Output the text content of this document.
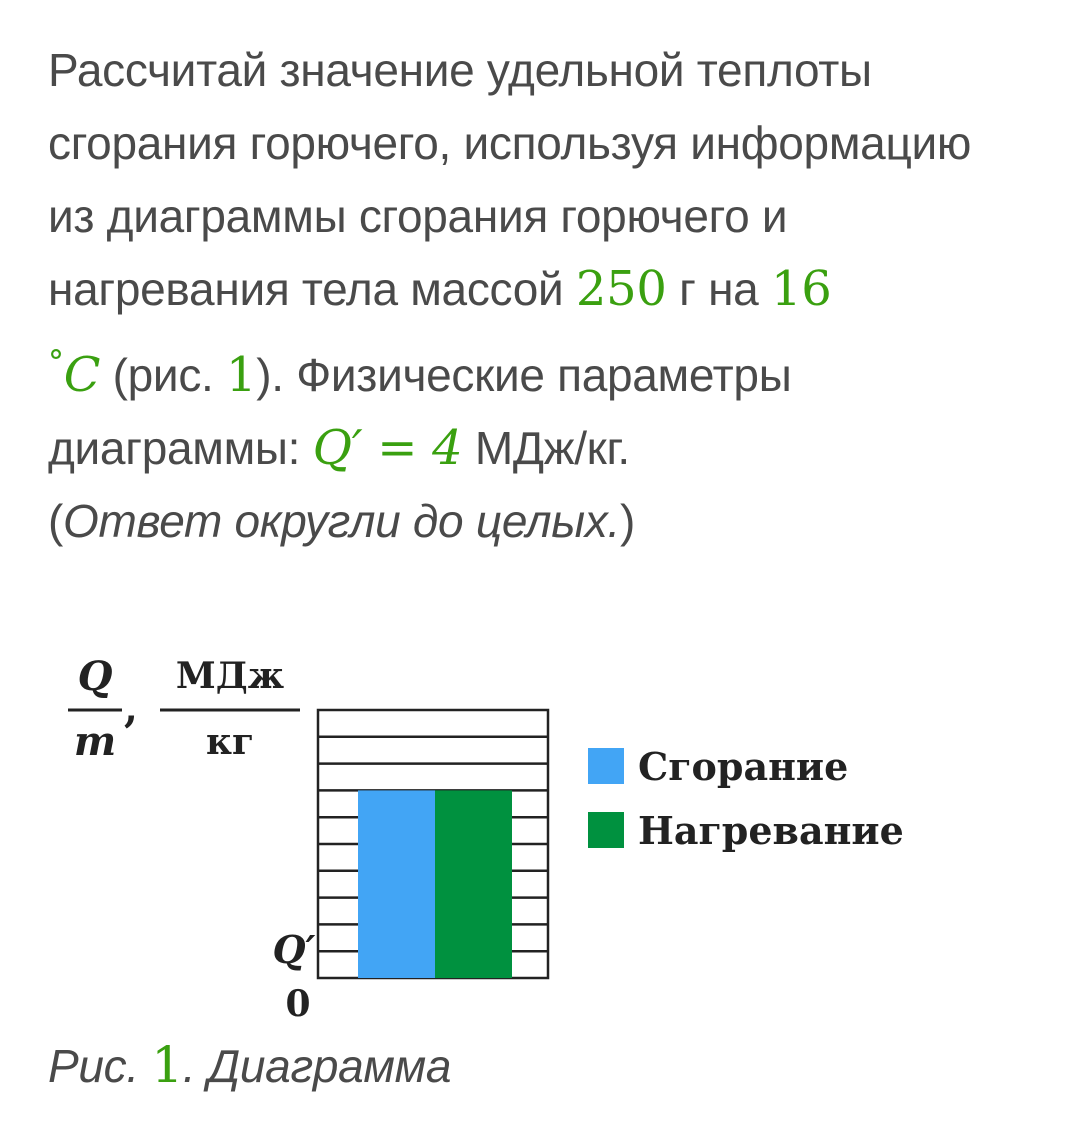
Рассчитай значение удельной теплоты
сгорания горючего, используя информацию
из диаграммы сгорания горючего и
нагревания тела массой 250 г на 16
°C (рис. 1). Физические параметры
диаграммы: Q′ = 4 МДж/кг.
(Ответ округли до целых.)
Q
m
,
МДж
кг
0
Q′
Сгорание
Нагревание
Рис. 1. Диаграмма
